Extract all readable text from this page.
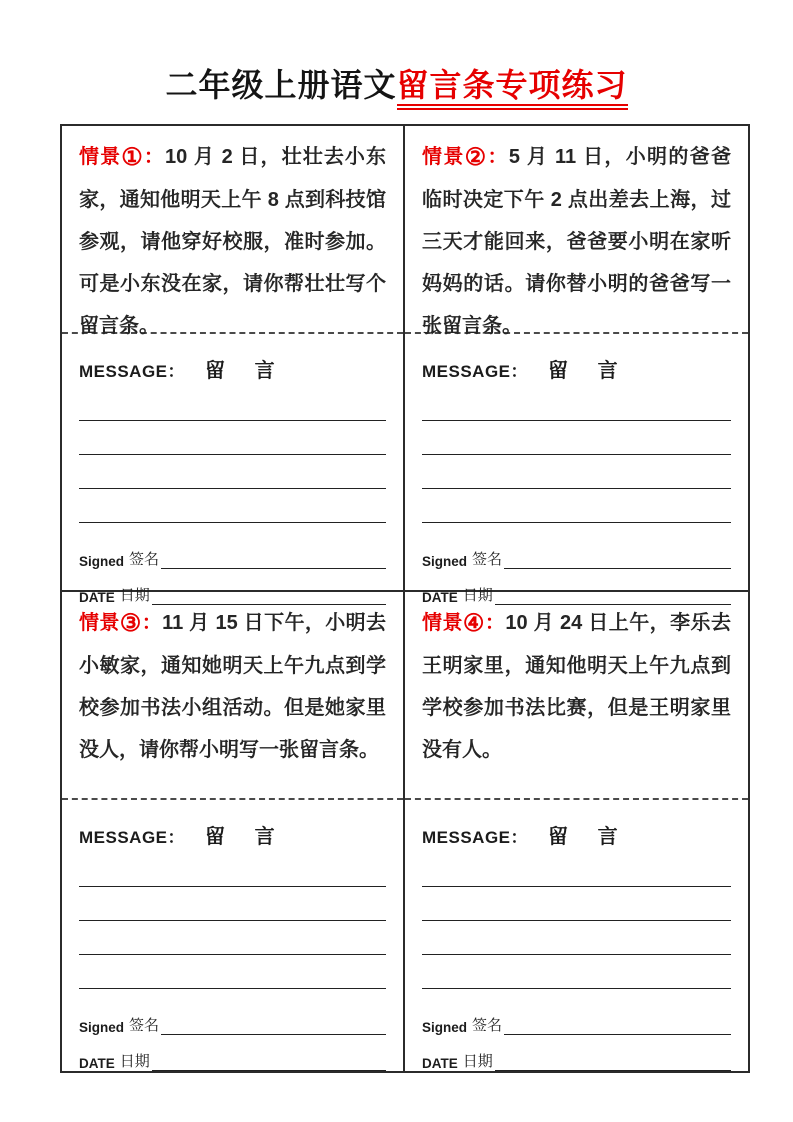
二年级上册语文留言条专项练习
情景①：10 月 2 日，壮壮去小东家，通知他明天上午 8 点到科技馆参观，请他穿好校服，准时参加。可是小东没在家，请你帮壮壮写个留言条。
MESSAGE： 留 言
Signed 签名
DATE 日期
情景②：5 月 11 日，小明的爸爸临时决定下午 2 点出差去上海，过三天才能回来，爸爸要小明在家听妈妈的话。请你替小明的爸爸写一张留言条。
MESSAGE： 留 言
Signed 签名
DATE 日期
情景③：11 月 15 日下午，小明去小敏家，通知她明天上午九点到学校参加书法小组活动。但是她家里没人，请你帮小明写一张留言条。
MESSAGE： 留 言
Signed 签名
DATE 日期
情景④：10 月 24 日上午，李乐去王明家里，通知他明天上午九点到学校参加书法比赛，但是王明家里没有人。
MESSAGE： 留 言
Signed 签名
DATE 日期
